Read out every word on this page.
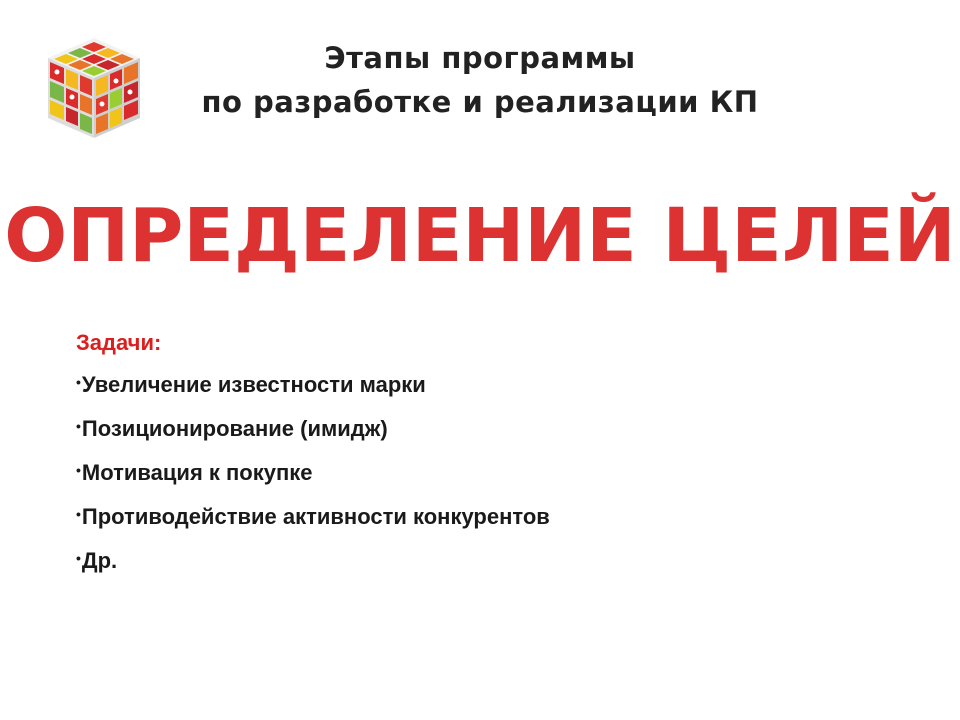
Этапы программы
по разработке и реализации КП
ОПРЕДЕЛЕНИЕ ЦЕЛЕЙ
Задачи:
•Увеличение известности марки
•Позиционирование (имидж)
•Мотивация к покупке
•Противодействие активности конкурентов
•Др.
